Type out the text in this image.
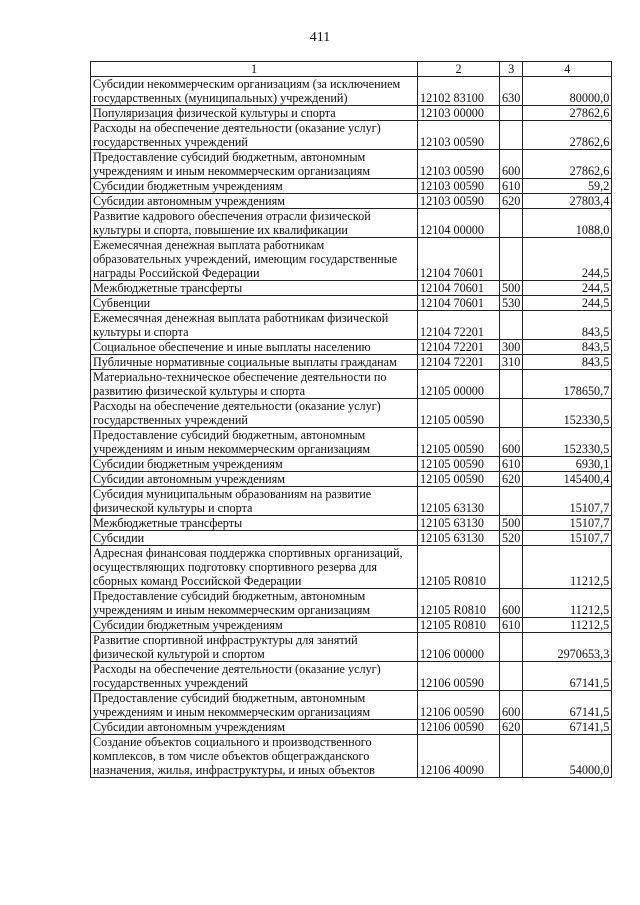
411
1	2	3	4
Субсидии некоммерческим организациям (за исключением государственных (муниципальных) учреждений)	12102 83100	630	80000,0
Популяризация физической культуры и спорта	12103 00000		27862,6
Расходы на обеспечение деятельности (оказание услуг) государственных учреждений	12103 00590		27862,6
Предоставление субсидий бюджетным, автономным учреждениям и иным некоммерческим организациям	12103 00590	600	27862,6
Субсидии бюджетным учреждениям	12103 00590	610	59,2
Субсидии автономным учреждениям	12103 00590	620	27803,4
Развитие кадрового обеспечения отрасли физической культуры и спорта, повышение их квалификации	12104 00000		1088,0
Ежемесячная денежная выплата работникам образовательных учреждений, имеющим государственные награды Российской Федерации	12104 70601		244,5
Межбюджетные трансферты	12104 70601	500	244,5
Субвенции	12104 70601	530	244,5
Ежемесячная денежная выплата работникам физической культуры и спорта	12104 72201		843,5
Социальное обеспечение и иные выплаты населению	12104 72201	300	843,5
Публичные нормативные социальные выплаты гражданам	12104 72201	310	843,5
Материально-техническое обеспечение деятельности по развитию физической культуры и спорта	12105 00000		178650,7
Расходы на обеспечение деятельности (оказание услуг) государственных учреждений	12105 00590		152330,5
Предоставление субсидий бюджетным, автономным учреждениям и иным некоммерческим организациям	12105 00590	600	152330,5
Субсидии бюджетным учреждениям	12105 00590	610	6930,1
Субсидии автономным учреждениям	12105 00590	620	145400,4
Субсидия муниципальным образованиям на развитие физической культуры и спорта	12105 63130		15107,7
Межбюджетные трансферты	12105 63130	500	15107,7
Субсидии	12105 63130	520	15107,7
Адресная финансовая поддержка спортивных организаций, осуществляющих подготовку спортивного резерва для сборных команд Российской Федерации	12105 R0810		11212,5
Предоставление субсидий бюджетным, автономным учреждениям и иным некоммерческим организациям	12105 R0810	600	11212,5
Субсидии бюджетным учреждениям	12105 R0810	610	11212,5
Развитие спортивной инфраструктуры для занятий физической культурой и спортом	12106 00000		2970653,3
Расходы на обеспечение деятельности (оказание услуг) государственных учреждений	12106 00590		67141,5
Предоставление субсидий бюджетным, автономным учреждениям и иным некоммерческим организациям	12106 00590	600	67141,5
Субсидии автономным учреждениям	12106 00590	620	67141,5
Создание объектов социального и производственного комплексов, в том числе объектов общегражданского назначения, жилья, инфраструктуры, и иных объектов	12106 40090		54000,0
